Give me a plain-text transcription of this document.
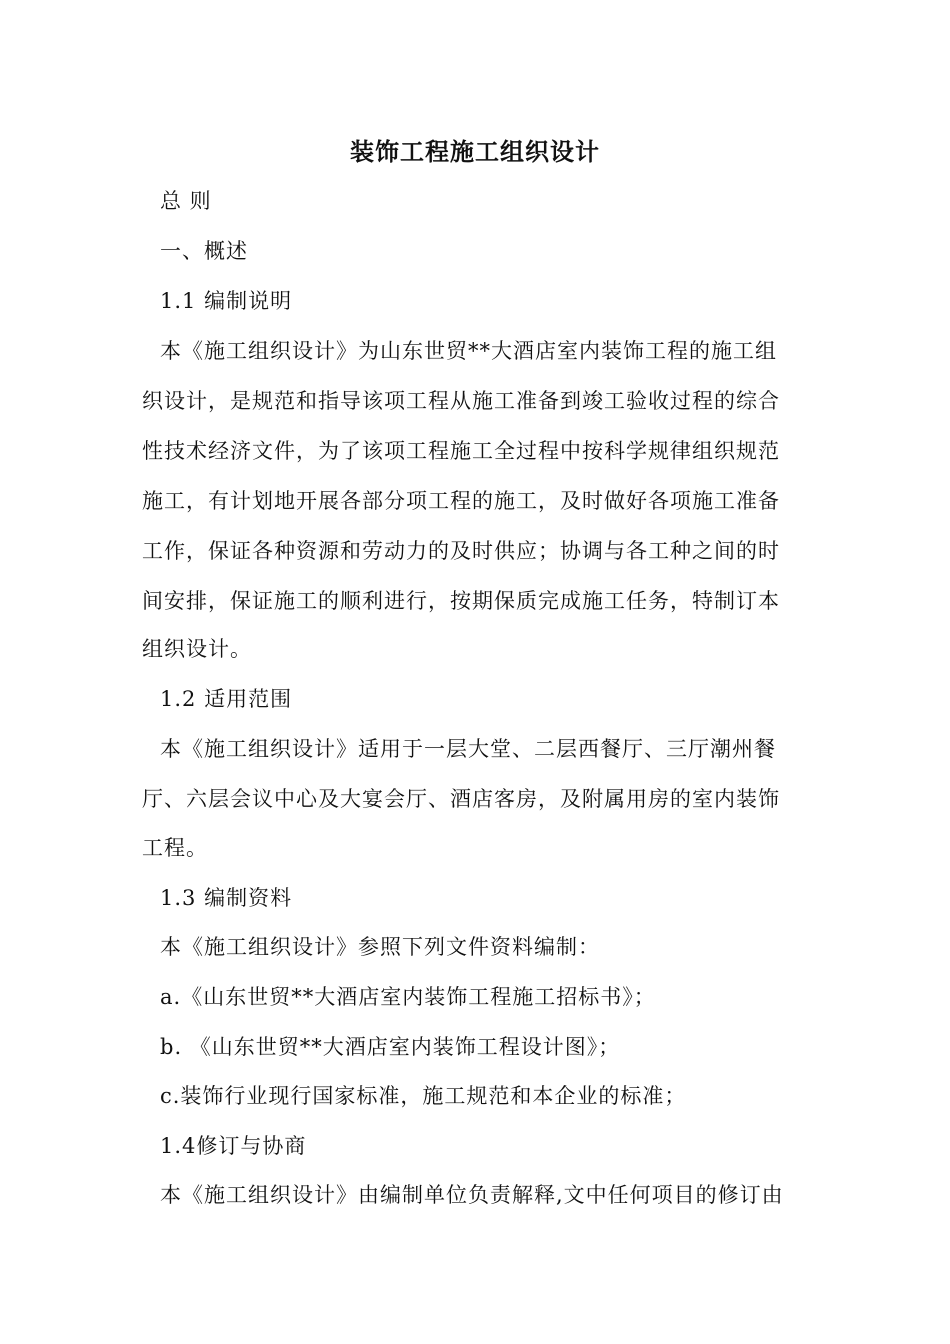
装饰工程施工组织设计
总 则
一、概述
1.1 编制说明
本《施工组织设计》为山东世贸**大酒店室内装饰工程的施工组
织设计，是规范和指导该项工程从施工准备到竣工验收过程的综合
性技术经济文件，为了该项工程施工全过程中按科学规律组织规范
施工，有计划地开展各部分项工程的施工，及时做好各项施工准备
工作，保证各种资源和劳动力的及时供应；协调与各工种之间的时
间安排，保证施工的顺利进行，按期保质完成施工任务，特制订本
组织设计。
1.2 适用范围
本《施工组织设计》适用于一层大堂、二层西餐厅、三厅潮州餐
厅、六层会议中心及大宴会厅、酒店客房，及附属用房的室内装饰
工程。
1.3 编制资料
本《施工组织设计》参照下列文件资料编制：
a.《山东世贸**大酒店室内装饰工程施工招标书》；
b. 《山东世贸**大酒店室内装饰工程设计图》；
c.装饰行业现行国家标准，施工规范和本企业的标准；
1.4修订与协商
本《施工组织设计》由编制单位负责解释,文中任何项目的修订由
